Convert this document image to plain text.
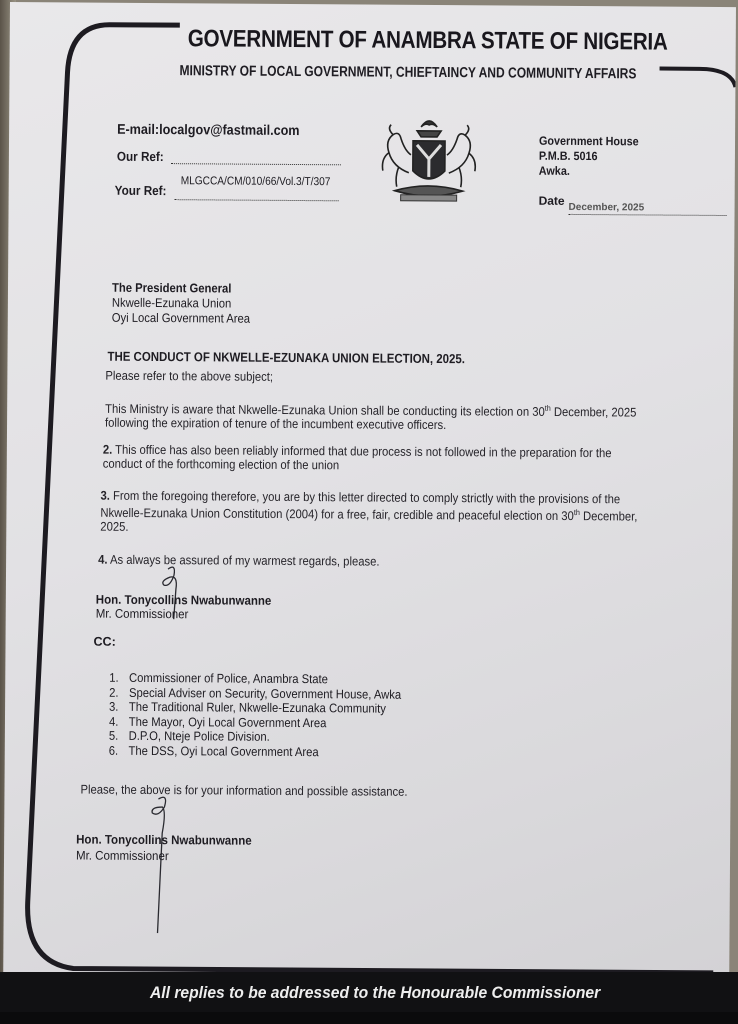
GOVERNMENT OF ANAMBRA STATE OF NIGERIA
MINISTRY OF LOCAL GOVERNMENT, CHIEFTAINCY AND COMMUNITY AFFAIRS
E-mail:localgov@fastmail.com
Our Ref:
MLGCCA/CM/010/66/Vol.3/T/307
Your Ref:
Government House
P.M.B. 5016
Awka.
Date December, 2025
The President General
Nkwelle-Ezunaka Union
Oyi Local Government Area
THE CONDUCT OF NKWELLE-EZUNAKA UNION ELECTION, 2025.
Please refer to the above subject;
This Ministry is aware that Nkwelle-Ezunaka Union shall be conducting its election on 30th December, 2025
following the expiration of tenure of the incumbent executive officers.
2. This office has also been reliably informed that due process is not followed in the preparation for the
conduct of the forthcoming election of the union
3. From the foregoing therefore, you are by this letter directed to comply strictly with the provisions of the
Nkwelle-Ezunaka Union Constitution (2004) for a free, fair, credible and peaceful election on 30th December,
2025.
4. As always be assured of my warmest regards, please.
Hon. Tonycollins Nwabunwanne
Mr. Commissioner
CC:
1. Commissioner of Police, Anambra State
2. Special Adviser on Security, Government House, Awka
3. The Traditional Ruler, Nkwelle-Ezunaka Community
4. The Mayor, Oyi Local Government Area
5. D.P.O, Nteje Police Division.
6. The DSS, Oyi Local Government Area
Please, the above is for your information and possible assistance.
Hon. Tonycollins Nwabunwanne
Mr. Commissioner
All replies to be addressed to the Honourable Commissioner
